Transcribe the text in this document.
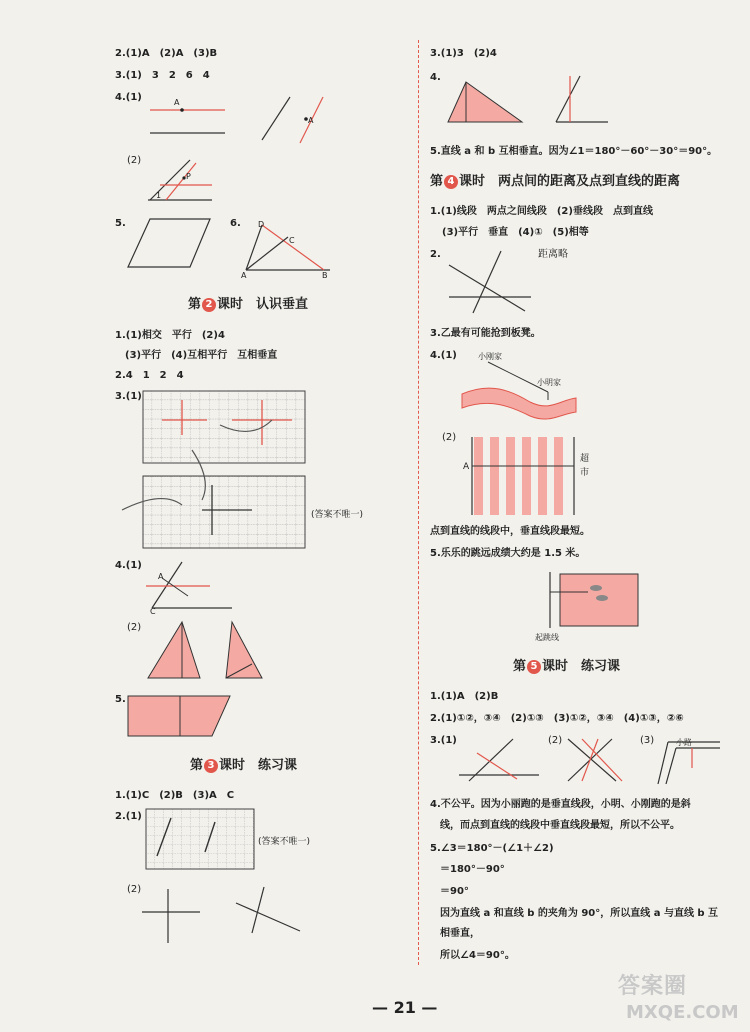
2.(1)A　(2)A　(3)B
3.(1)　3　2　6　4
4.(1)	A
A
(2)
P
1
5.	6. D
C
A	B
第 2 课时　认识垂直
1.(1)相交　平行　(2)4
(3)平行　(4)互相平行　互相垂直
2.4　1　2　4
3.(1)
(答案不唯一)
4.(1)
A
C
(2)
5.
第 3 课时　练习课
1.(1)C　(2)B　(3)A　C
2.(1)
(答案不唯一)
(2)
3.(1)3　(2)4
4.
5.直线 a 和 b 互相垂直。因为∠1＝180°－60°－30°＝90°。
第 4 课时　两点间的距离及点到直线的距离
1.(1)线段　两点之间线段　(2)垂线段　点到直线
(3)平行　垂直　(4)①　(5)相等
2.	距离略
3.乙最有可能抢到板凳。
4.(1)	小刚家
小明家
(2)
A
超市
点到直线的线段中，垂直线段最短。
5.乐乐的跳远成绩大约是 1.5 米。
起跳线
第 5 课时　练习课
1.(1)A　(2)B
2.(1)①②，③④　(2)①③　(3)①②，③④　(4)①③，②⑥
3.(1)	(2)	(3)	小路
4.不公平。因为小丽跑的是垂直线段，小明、小刚跑的是斜
线，而点到直线的线段中垂直线段最短，所以不公平。
5.∠3＝180°－(∠1＋∠2)
＝180°－90°
＝90°
因为直线 a 和直线 b 的夹角为 90°，所以直线 a 与直线 b 互
相垂直，
所以∠4＝90°。
— 21 —
答案圈
MXQE.COM
